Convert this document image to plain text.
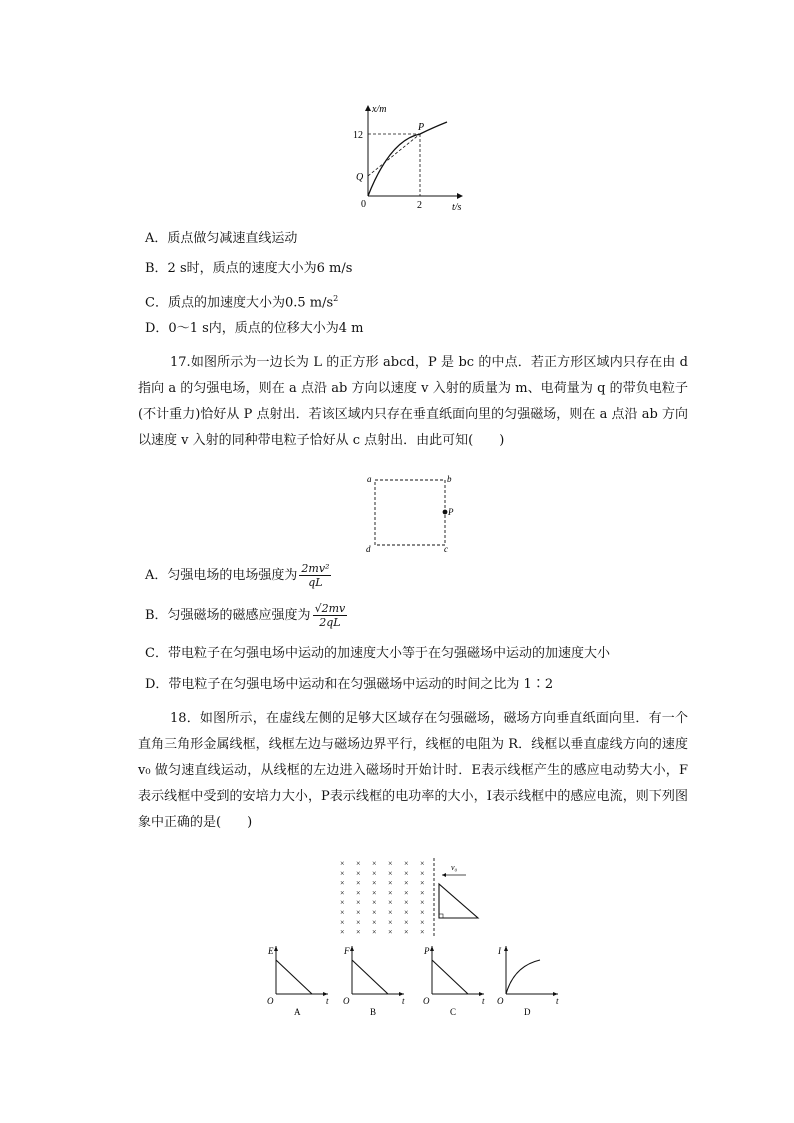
x/m
t/s
12
2
0
P
Q
A．质点做匀减速直线运动
B．2 s时，质点的速度大小为6 m/s
C．质点的加速度大小为0.5 $m/s^2$
D．0～1 s内，质点的位移大小为4 m
17.如图所示为一边长为 L 的正方形 abcd，P 是 bc 的中点．若正方形区域内只存在由 d 指向 a 的匀强电场，则在 a 点沿 ab 方向以速度 v 入射的质量为 m、电荷量为 q 的带负电粒子(不计重力)恰好从 P 点射出．若该区域内只存在垂直纸面向里的匀强磁场，则在 a 点沿 ab 方向以速度 v 入射的同种带电粒子恰好从 c 点射出．由此可知(　　)
a	b
c
d
P
A．匀强电场的电场强度为 $\frac{\text{2mv²}}{qL}$
B．匀强磁场的磁感应强度为 $\frac{√2mv}{2qL}$
C．带电粒子在匀强电场中运动的加速度大小等于在匀强磁场中运动的加速度大小
D．带电粒子在匀强电场中运动和在匀强磁场中运动的时间之比为 1∶2
18．如图所示，在虚线左侧的足够大区域存在匀强磁场，磁场方向垂直纸面向里．有一个直角三角形金属线框，线框左边与磁场边界平行，线框的电阻为 R．线框以垂直虚线方向的速度 v₀ 做匀速直线运动，从线框的左边进入磁场时开始计时．E表示线框产生的感应电动势大小，F表示线框中受到的安培力大小，P表示线框的电功率的大小，I表示线框中的感应电流，则下列图象中正确的是(　　)
× × × × × ×
× × × × × ×
× × × × × ×
× × × × × ×
× × × × × ×
× × × × × ×
× × × × × ×
× × × × × ×
v₀
E
t
O
A
F
t
O
B
P
t
O
C
I
t
O
D
